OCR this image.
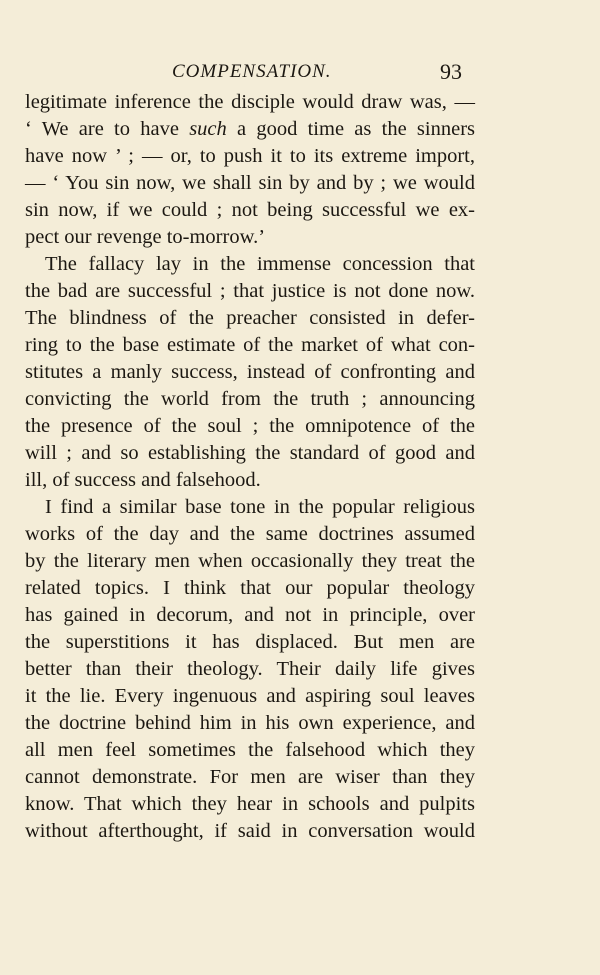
COMPENSATION.	93
legitimate inference the disciple would draw was, —
‘ We are to have such a good time as the sinners
have now ’ ; — or, to push it to its extreme import,
— ‘ You sin now, we shall sin by and by ; we would
sin now, if we could ; not being successful we ex-
pect our revenge to-morrow.’
The fallacy lay in the immense concession that
the bad are successful ; that justice is not done now.
The blindness of the preacher consisted in defer-
ring to the base estimate of the market of what con-
stitutes a manly success, instead of confronting and
convicting the world from the truth ; announcing
the presence of the soul ; the omnipotence of the
will ; and so establishing the standard of good and
ill, of success and falsehood.
I find a similar base tone in the popular religious
works of the day and the same doctrines assumed
by the literary men when occasionally they treat the
related topics. I think that our popular theology
has gained in decorum, and not in principle, over
the superstitions it has displaced. But men are
better than their theology. Their daily life gives
it the lie. Every ingenuous and aspiring soul leaves
the doctrine behind him in his own experience, and
all men feel sometimes the falsehood which they
cannot demonstrate. For men are wiser than they
know. That which they hear in schools and pulpits
without afterthought, if said in conversation would
